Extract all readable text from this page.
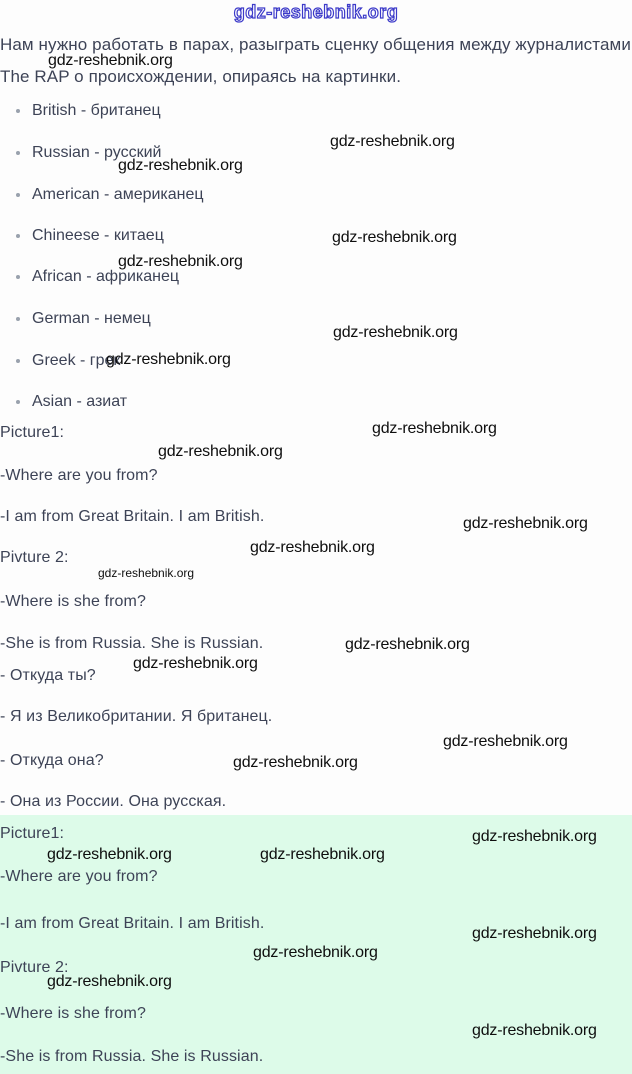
gdz-reshebnik.org
Нам нужно работать в парах, разыграть сценку общения между журналистами
The RAP о происхождении, опираясь на картинки.
British - британец
Russian - русский
American - американец
Chineese - китаец
African - африканец
German - немец
Greek - грек
Asian - азиат
Picture1:
-Where are you from?
-I am from Great Britain. I am British.
Pivture 2:
-Where is she from?
-She is from Russia. She is Russian.
- Откуда ты?
- Я из Великобритании. Я британец.
- Откуда она?
- Она из России. Она русская.
Picture1:
-Where are you from?
-I am from Great Britain. I am British.
Pivture 2:
-Where is she from?
-She is from Russia. She is Russian.
gdz-reshebnik.org
gdz-reshebnik.org
gdz-reshebnik.org
gdz-reshebnik.org
gdz-reshebnik.org
gdz-reshebnik.org
gdz-reshebnik.org
gdz-reshebnik.org
gdz-reshebnik.org
gdz-reshebnik.org
gdz-reshebnik.org
gdz-reshebnik.org
gdz-reshebnik.org
gdz-reshebnik.org
gdz-reshebnik.org
gdz-reshebnik.org
gdz-reshebnik.org
gdz-reshebnik.org	gdz-reshebnik.org
gdz-reshebnik.org
gdz-reshebnik.org
gdz-reshebnik.org
gdz-reshebnik.org
